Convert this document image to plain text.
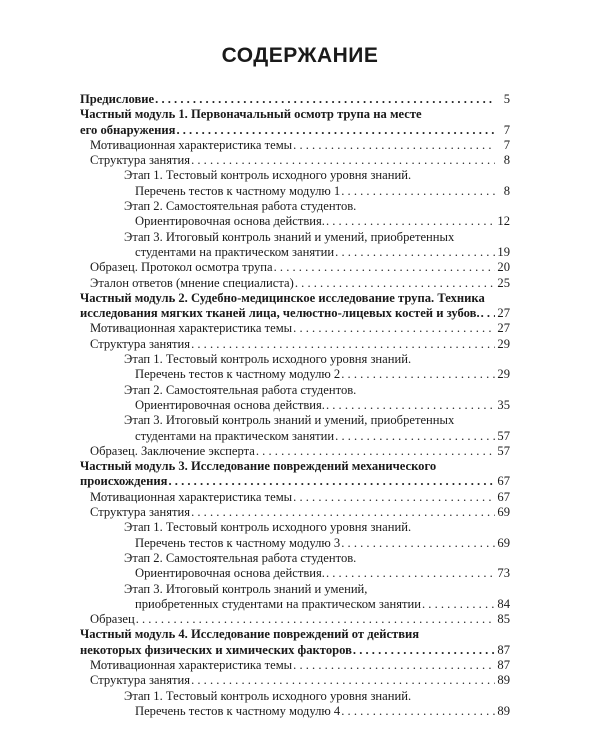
СОДЕРЖАНИЕ
Предисловие . . .	5
Частный модуль 1. Первоначальный осмотр трупа на месте
его обнаружения . . .	7
Мотивационная характеристика темы . . .	7
Структура занятия . . .	8
Этап 1. Тестовый контроль исходного уровня знаний.
Перечень тестов к частному модулю 1 . . .	8
Этап 2. Самостоятельная работа студентов.
Ориентировочная основа действия. . . .	12
Этап 3. Итоговый контроль знаний и умений, приобретенных
студентами на практическом занятии . . .	19
Образец. Протокол осмотра трупа . . .	20
Эталон ответов (мнение специалиста) . . .	25
Частный модуль 2. Судебно-медицинское исследование трупа. Техника
исследования мягких тканей лица, челюстно-лицевых костей и зубов. . . . 27
Мотивационная характеристика темы . . .	27
Структура занятия . . .	29
Этап 1. Тестовый контроль исходного уровня знаний.
Перечень тестов к частному модулю 2 . . .	29
Этап 2. Самостоятельная работа студентов.
Ориентировочная основа действия. . . .	35
Этап 3. Итоговый контроль знаний и умений, приобретенных
студентами на практическом занятии . . .	57
Образец. Заключение эксперта . . .	57
Частный модуль 3. Исследование повреждений механического
происхождения . . .	67
Мотивационная характеристика темы . . .	67
Структура занятия . . .	69
Этап 1. Тестовый контроль исходного уровня знаний.
Перечень тестов к частному модулю 3 . . .	69
Этап 2. Самостоятельная работа студентов.
Ориентировочная основа действия. . . .	73
Этап 3. Итоговый контроль знаний и умений,
приобретенных студентами на практическом занятии . . .	84
Образец . . .	85
Частный модуль 4. Исследование повреждений от действия
некоторых физических и химических факторов . . .	87
Мотивационная характеристика темы . . .	87
Структура занятия . . .	89
Этап 1. Тестовый контроль исходного уровня знаний.
Перечень тестов к частному модулю 4 . . .	89
